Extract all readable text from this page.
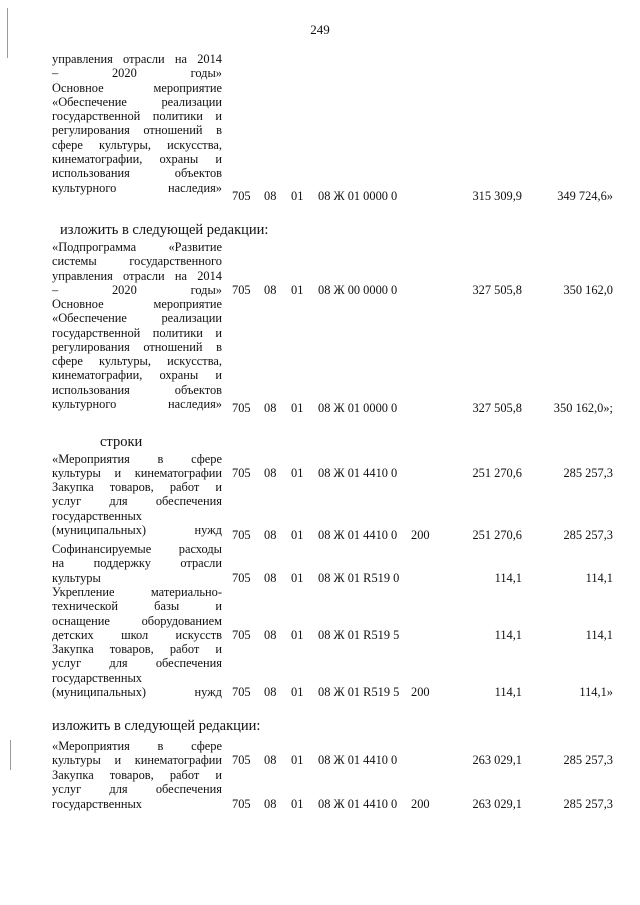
249
управления отрасли на 2014
– 2020 годы»
Основное мероприятие
«Обеспечение реализации
государственной политики и
регулирования отношений в
сфере культуры, искусства,
кинематографии, охраны и
использования объектов
культурного наследия»
705 08 01 08 Ж 01 0000 0	315 309,9	349 724,6»
изложить в следующей редакции:
«Подпрограмма «Развитие
системы государственного
управления отрасли на 2014
– 2020 годы» 705 08 01 08 Ж 00 0000 0	327 505,8	350 162,0
Основное мероприятие
«Обеспечение реализации
государственной политики и
регулирования отношений в
сфере культуры, искусства,
кинематографии, охраны и
использования объектов
культурного наследия» 705 08 01 08 Ж 01 0000 0	327 505,8	350 162,0»;
строки
«Мероприятия в сфере
культуры и кинематографии 705 08 01 08 Ж 01 4410 0	251 270,6	285 257,3
Закупка товаров, работ и
услуг для обеспечения
государственных
(муниципальных) нужд 705 08 01 08 Ж 01 4410 0 200	251 270,6	285 257,3
Софинансируемые расходы
на поддержку отрасли
культуры	705 08 01 08 Ж 01 R519 0	114,1	114,1
Укрепление материально-
технической базы и
оснащение оборудованием
детских школ искусств 705 08 01 08 Ж 01 R519 5	114,1	114,1
Закупка товаров, работ и
услуг для обеспечения
государственных
(муниципальных) нужд 705 08 01 08 Ж 01 R519 5 200	114,1	114,1»
изложить в следующей редакции:
«Мероприятия в сфере
культуры и кинематографии 705 08 01 08 Ж 01 4410 0	263 029,1	285 257,3
Закупка товаров, работ и
услуг для обеспечения
государственных	705 08 01 08 Ж 01 4410 0 200	263 029,1	285 257,3
